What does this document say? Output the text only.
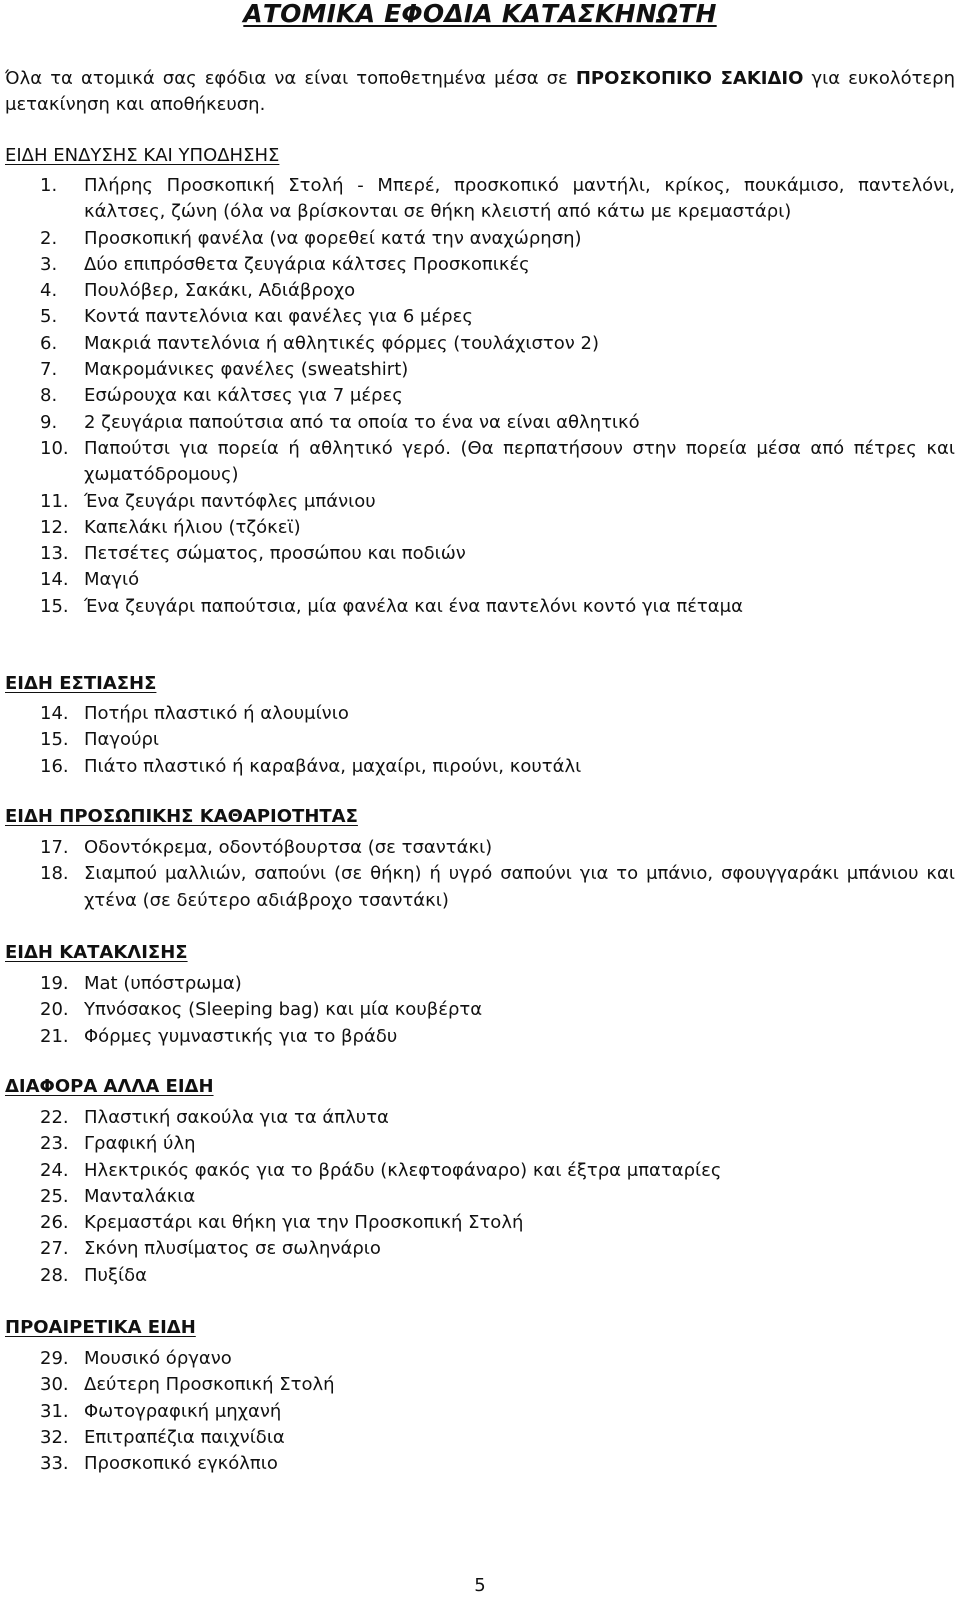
ΑΤΟΜΙΚΑ ΕΦΟΔΙΑ ΚΑΤΑΣΚΗΝΩΤΗ
Όλα τα ατομικά σας εφόδια να είναι τοποθετημένα μέσα σε ΠΡΟΣΚΟΠΙΚΟ ΣΑΚΙΔΙΟ για ευκολότερη μετακίνηση και αποθήκευση.
ΕΙΔΗ ΕΝΔΥΣΗΣ ΚΑΙ ΥΠΟΔΗΣΗΣ
1.	Πλήρης Προσκοπική Στολή - Μπερέ, προσκοπικό μαντήλι, κρίκος, πουκάμισο, παντελόνι, κάλτσες, ζώνη (όλα να βρίσκονται σε θήκη κλειστή από κάτω με κρεμαστάρι)
2.	Προσκοπική φανέλα (να φορεθεί κατά την αναχώρηση)
3.	Δύο επιπρόσθετα ζευγάρια κάλτσες Προσκοπικές
4.	Πουλόβερ, Σακάκι, Αδιάβροχο
5.	Κοντά παντελόνια και φανέλες για 6 μέρες
6.	Μακριά παντελόνια ή αθλητικές φόρμες (τουλάχιστον 2)
7.	Μακρομάνικες φανέλες (sweatshirt)
8.	Εσώρουχα και κάλτσες για 7 μέρες
9.	2 ζευγάρια παπούτσια από τα οποία το ένα να είναι αθλητικό
10. Παπούτσι για πορεία ή αθλητικό γερό. (Θα περπατήσουν στην πορεία μέσα από πέτρες και χωματόδρομους)
11. Ένα ζευγάρι παντόφλες μπάνιου
12. Καπελάκι ήλιου (τζόκεϊ)
13. Πετσέτες σώματος, προσώπου και ποδιών
14. Μαγιό
15. Ένα ζευγάρι παπούτσια, μία φανέλα και ένα παντελόνι κοντό για πέταμα
ΕΙΔΗ ΕΣΤΙΑΣΗΣ
14. Ποτήρι πλαστικό ή αλουμίνιο
15. Παγούρι
16. Πιάτο πλαστικό ή καραβάνα, μαχαίρι, πιρούνι, κουτάλι
ΕΙΔΗ ΠΡΟΣΩΠΙΚΗΣ ΚΑΘΑΡΙΟΤΗΤΑΣ
17. Οδοντόκρεμα, οδοντόβουρτσα (σε τσαντάκι)
18. Σιαμπού μαλλιών, σαπούνι (σε θήκη) ή υγρό σαπούνι για το μπάνιο, σφουγγαράκι μπάνιου και χτένα (σε δεύτερο αδιάβροχο τσαντάκι)
ΕΙΔΗ ΚΑΤΑΚΛΙΣΗΣ
19. Mat (υπόστρωμα)
20. Υπνόσακος (Sleeping bag) και μία κουβέρτα
21. Φόρμες γυμναστικής για το βράδυ
ΔΙΑΦΟΡΑ ΑΛΛΑ ΕΙΔΗ
22. Πλαστική σακούλα για τα άπλυτα
23. Γραφική ύλη
24. Ηλεκτρικός φακός για το βράδυ (κλεφτοφάναρο) και έξτρα μπαταρίες
25. Μανταλάκια
26. Κρεμαστάρι και θήκη για την Προσκοπική Στολή
27. Σκόνη πλυσίματος σε σωληνάριο
28. Πυξίδα
ΠΡΟΑΙΡΕΤΙΚΑ ΕΙΔΗ
29. Μουσικό όργανο
30. Δεύτερη Προσκοπική Στολή
31. Φωτογραφική μηχανή
32. Επιτραπέζια παιχνίδια
33. Προσκοπικό εγκόλπιο
5
